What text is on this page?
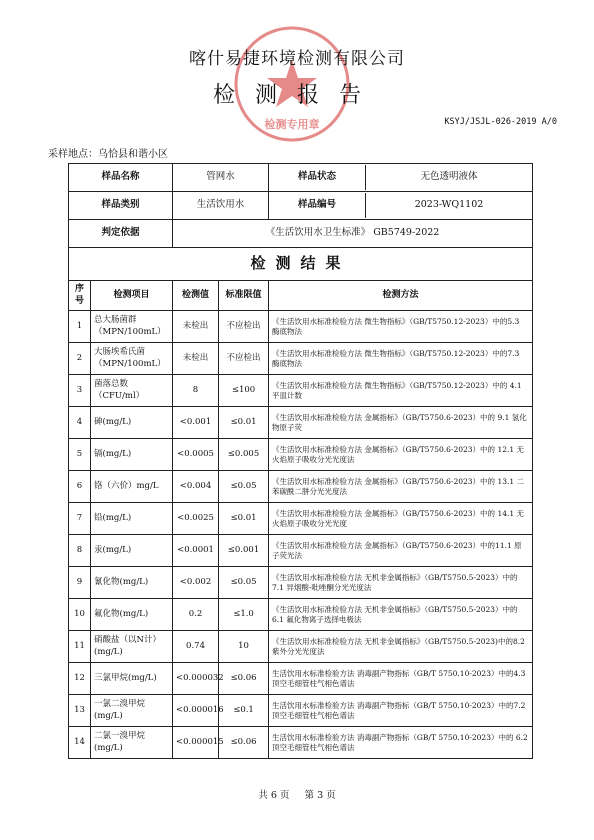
检测专用章
喀什易捷环境检测有限公司
检测报告
KSYJ/JSJL-026-2019 A/0
采样地点：乌恰县和谐小区
样品名称		管网水		样品状态 无色透明液体

样品类别		生活饮用水		样品编号 2023-WQ1102

判定依据		《生活饮用水卫生标准》 GB5749-2022		
检测结果				
序号	检测项目	检测值	标准限值	检测方法
1	总大肠菌群（MPN/100mL）	未检出	不应检出	《生活饮用水标准检验方法 微生物指标》（GB/T5750.12-2023）中的5.3 酶底物法
2	大肠埃希氏菌（MPN/100mL）	未检出	不应检出	《生活饮用水标准检验方法 微生物指标》（GB/T5750.12-2023）中的7.3 酶底物法
3	菌落总数（CFU/ml）	8	≤100	《生活饮用水标准检验方法 微生物指标》（GB/T5750.12-2023）中的 4.1 平皿计数
4	砷(mg/L)	<0.001	≤0.01	《生活饮用水标准检验方法 金属指标》（GB/T5750.6-2023）中的 9.1 氢化物原子荧
5	镉(mg/L)	<0.0005	≤0.005	《生活饮用水标准检验方法 金属指标》（GB/T5750.6-2023）中的 12.1 无火焰原子吸收分光光度法
6	铬（六价）mg/L	<0.004	≤0.05	《生活饮用水标准检验方法 金属指标》（GB/T5750.6-2023）中的 13.1 二苯碳酰二肼分光光度法
7	铅(mg/L)	<0.0025	≤0.01	《生活饮用水标准检验方法 金属指标》（GB/T5750.6-2023）中的 14.1 无火焰原子吸收分光光度
8	汞(mg/L)	<0.0001	≤0.001	《生活饮用水标准检验方法 金属指标》（GB/T5750.6-2023）中的11.1 原子荧光法
9	氰化物(mg/L)	<0.002	≤0.05	《生活饮用水标准检验方法 无机非金属指标》（GB/T5750.5-2023）中的7.1 异烟酸-吡唑酮分光光度法
10	氟化物(mg/L)	0.2	≤1.0	《生活饮用水标准检验方法 无机非金属指标》（GB/T5750.5-2023）中的6.1 氟化物离子选择电极法
11	硝酸盐（以N计）(mg/L)	0.74	10	《生活饮用水标准检验方法 无机非金属指标》（GB/T5750.5-2023)中的8.2 紫外分光光度法
12	三氯甲烷(mg/L)	<0.000032	≤0.06	生活饮用水标准检验方法 消毒副产物指标（GB/T 5750.10-2023）中的4.3 顶空毛细管柱气相色谱法
13	一氯二溴甲烷(mg/L)	<0.000016	≤0.1	生活饮用水标准检验方法 消毒副产物指标（GB/T 5750.10-2023）中的7.2 顶空毛细管柱气相色谱法
14	二氯一溴甲烷(mg/L)	<0.000015	≤0.06	生活饮用水标准检验方法 消毒副产物指标（GB/T 5750.10-2023）中的 6.2 顶空毛细管柱气相色谱法
共 6 页 第 3 页
